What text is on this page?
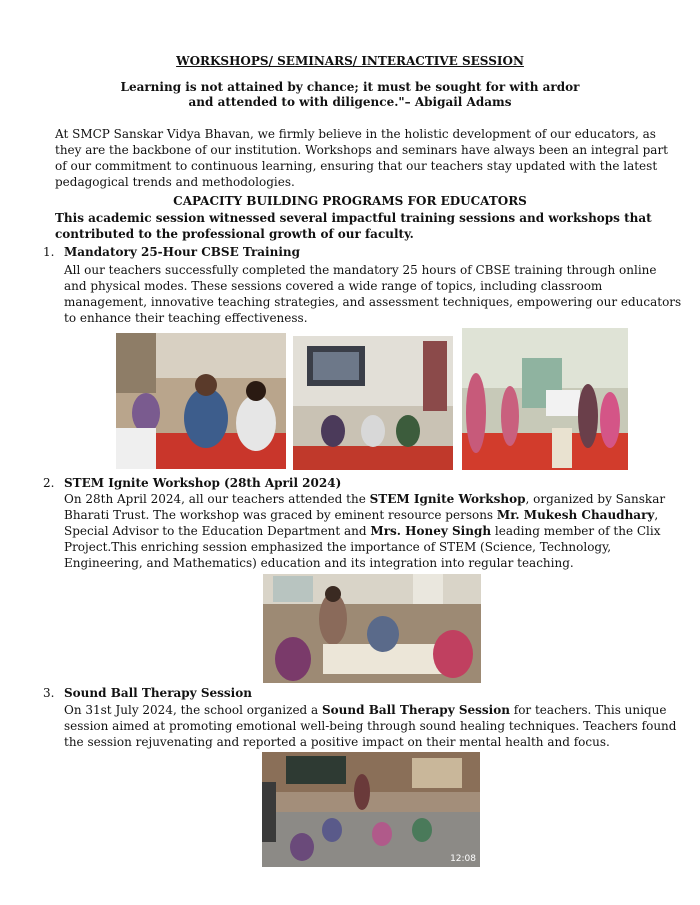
WORKSHOPS/ SEMINARS/ INTERACTIVE SESSION
Learning is not attained by chance; it must be sought for with ardor
and attended to with diligence."– Abigail Adams
At SMCP Sanskar Vidya Bhavan, we firmly believe in the holistic development of our educators, as they are the backbone of our institution. Workshops and seminars have always been an integral part of our commitment to continuous learning, ensuring that our teachers stay updated with the latest pedagogical trends and methodologies.
CAPACITY BUILDING PROGRAMS FOR EDUCATORS
This academic session witnessed several impactful training sessions and workshops that contributed to the professional growth of our faculty.
1. Mandatory 25-Hour CBSE Training
All our teachers successfully completed the mandatory 25 hours of CBSE training through online and physical modes. These sessions covered a wide range of topics, including classroom management, innovative teaching strategies, and assessment techniques, empowering our educators to enhance their teaching effectiveness.
2. STEM Ignite Workshop (28th April 2024)
On 28th April 2024, all our teachers attended the STEM Ignite Workshop, organized by Sanskar Bharati Trust. The workshop was graced by eminent resource persons Mr. Mukesh Chaudhary, Special Advisor to the Education Department and Mrs. Honey Singh leading member of the Clix Project.This enriching session emphasized the importance of STEM (Science, Technology, Engineering, and Mathematics) education and its integration into regular teaching.
3. Sound Ball Therapy Session
On 31st July 2024, the school organized a Sound Ball Therapy Session for teachers. This unique session aimed at promoting emotional well-being through sound healing techniques. Teachers found the session rejuvenating and reported a positive impact on their mental health and focus.
12:08
